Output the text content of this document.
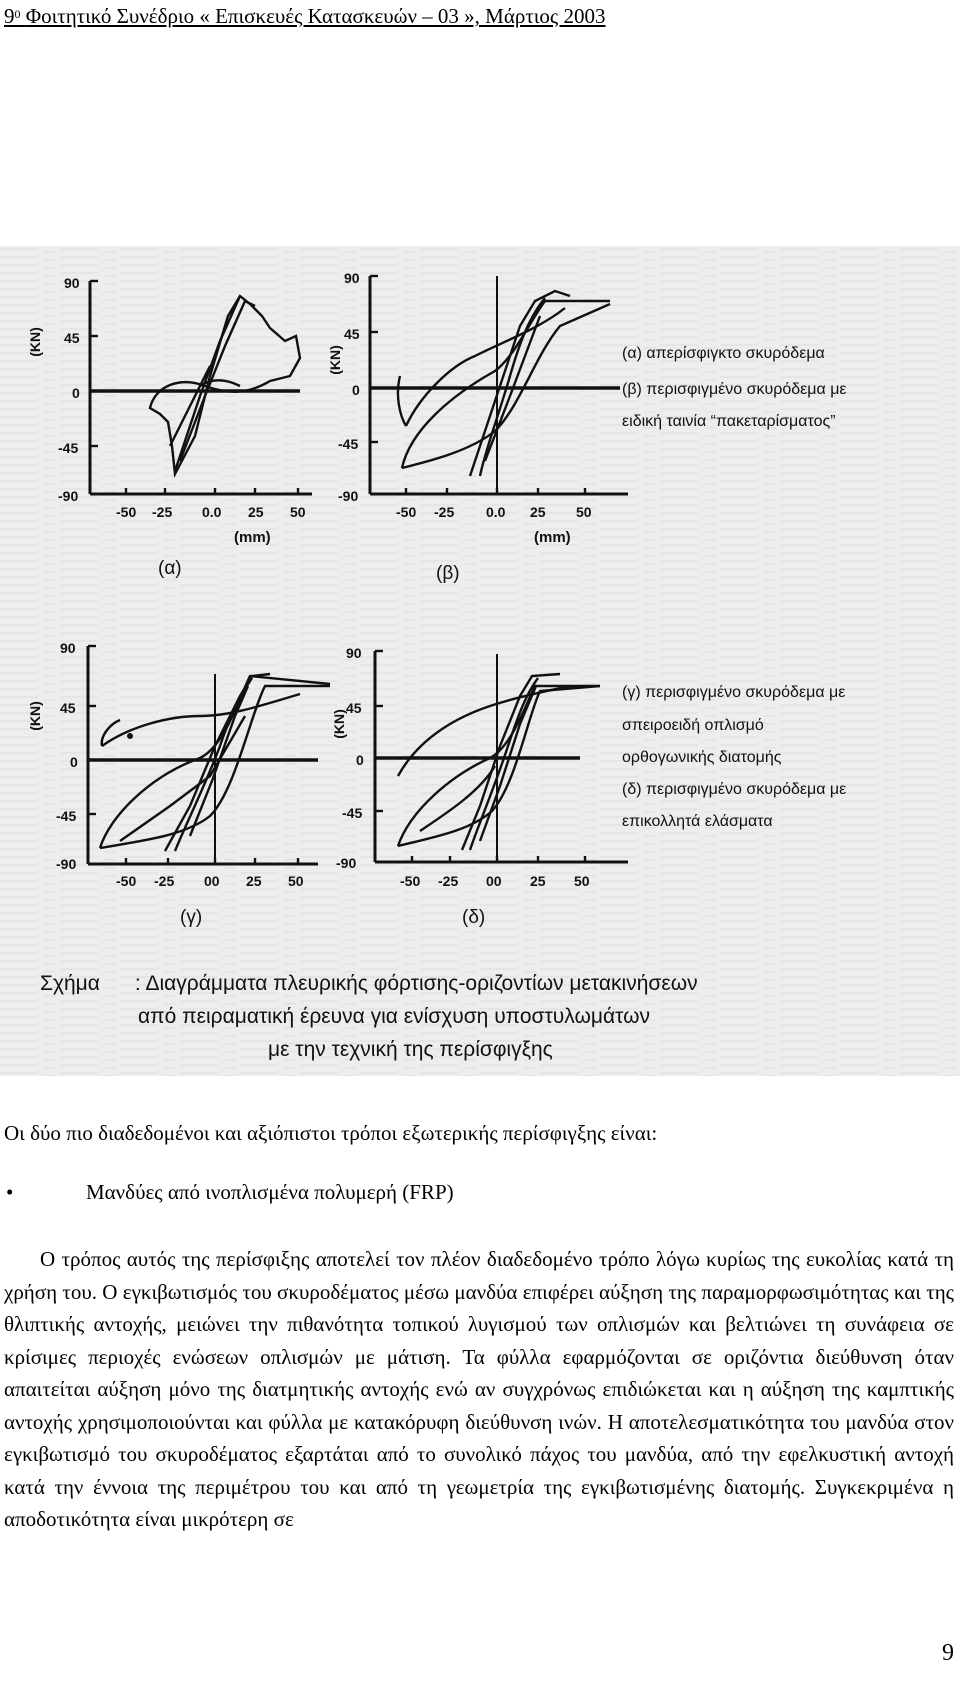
$9^0$ Φοιτητικό Συνέδριο « Επισκευές Κατασκευών – 03 », Μάρτιος 2003
90
45
0
-45
-90
(KN)
-50 -25 0.0 25 50
(mm)
(α)
90
45
0
-45
-90
(KN)
-50 -25 0.0 25 50
(mm)
(β)
(α) απερίσφιγκτο σκυρόδεμα
(β) περισφιγμένο σκυρόδεμα με
ειδική ταινία “πακεταρίσματος”
90
45
0
-45
-90
(KN)
-50 -25 00 25 50
(γ)
90
45
0
-45
-90
(KN)
-50 -25 00 25 50
(δ)
(γ) περισφιγμένο σκυρόδεμα με
σπειροειδή οπλισμό
ορθογωνικής διατομής
(δ) περισφιγμένο σκυρόδεμα με
επικολλητά ελάσματα
Σχήμα      : Διαγράμματα πλευρικής φόρτισης-οριζοντίων μετακινήσεων
από πειραματική έρευνα για ενίσχυση υποστυλωμάτων
με την τεχνική της περίσφιγξης
Οι δύο πιο διαδεδομένοι και αξιόπιστοι τρόποι εξωτερικής περίσφιγξης είναι:
•	Μανδύες από ινοπλισμένα πολυμερή (FRP)
Ο τρόπος αυτός της περίσφιξης αποτελεί τον πλέον διαδεδομένο τρόπο λόγω κυρίως της ευκολίας κατά τη χρήση του. Ο εγκιβωτισμός του σκυροδέματος μέσω μανδύα επιφέρει αύξηση της παραμορφωσιμότητας και της θλιπτικής αντοχής, μειώνει την πιθανότητα τοπικού λυγισμού των οπλισμών και βελτιώνει τη συνάφεια σε κρίσιμες περιοχές ενώσεων οπλισμών με μάτιση. Τα φύλλα εφαρμόζονται σε οριζόντια διεύθυνση όταν απαιτείται αύξηση μόνο της διατμητικής αντοχής ενώ αν συγχρόνως επιδιώκεται και η αύξηση της καμπτικής αντοχής χρησιμοποιούνται και φύλλα με κατακόρυφη διεύθυνση ινών. Η αποτελεσματικότητα του μανδύα στον εγκιβωτισμό του σκυροδέματος εξαρτάται από το συνολικό πάχος του μανδύα, από την εφελκυστική αντοχή κατά την έννοια της περιμέτρου του και από τη γεωμετρία της εγκιβωτισμένης διατομής. Συγκεκριμένα η αποδοτικότητα είναι μικρότερη σε
9
